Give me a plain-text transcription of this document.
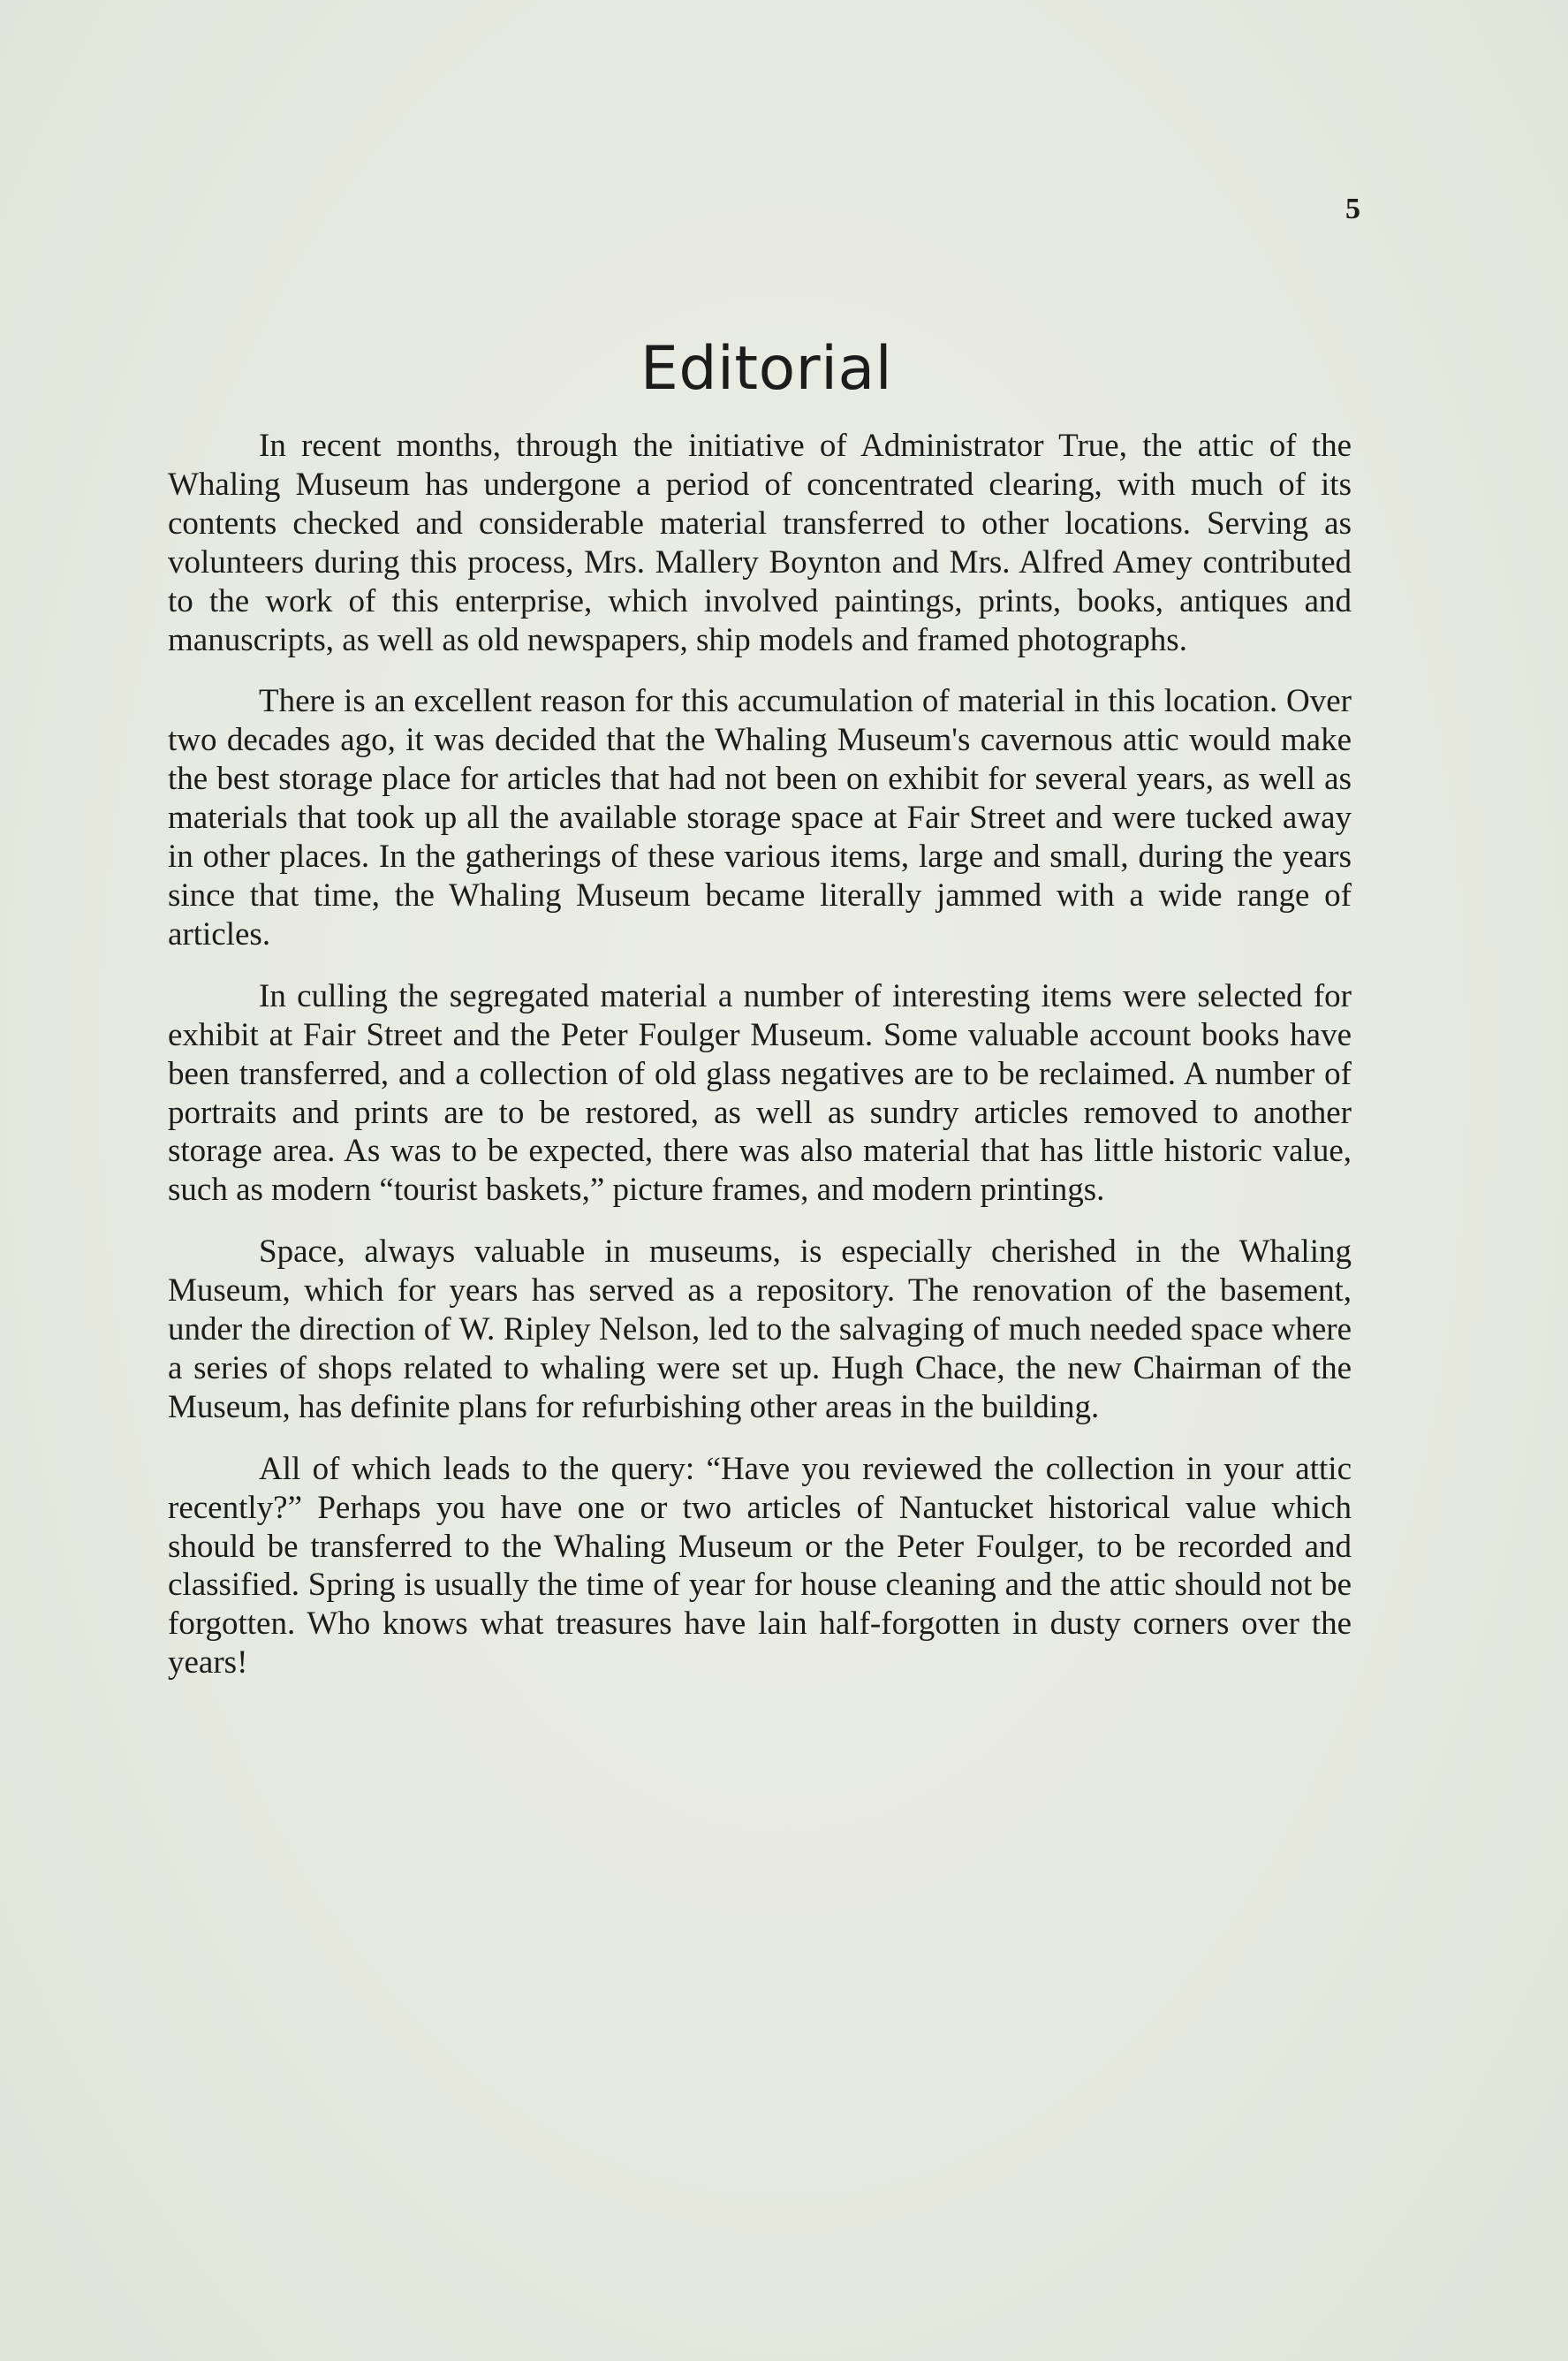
5
Editorial

In recent months, through the initiative of Administrator True, the attic of the Whaling Museum has undergone a period of concentrated clearing, with much of its contents checked and considerable material transferred to other locations. Serving as volunteers during this process, Mrs. Mallery Boynton and Mrs. Alfred Amey contributed to the work of this enterprise, which involved paintings, prints, books, antiques and manuscripts, as well as old newspapers, ship models and framed photographs.

There is an excellent reason for this accumulation of material in this location. Over two decades ago, it was decided that the Whaling Museum's cavernous attic would make the best storage place for articles that had not been on exhibit for several years, as well as materials that took up all the available storage space at Fair Street and were tucked away in other places. In the gatherings of these various items, large and small, during the years since that time, the Whaling Museum became literally jammed with a wide range of articles.

In culling the segregated material a number of interesting items were selected for exhibit at Fair Street and the Peter Foulger Museum. Some valuable account books have been transferred, and a collection of old glass negatives are to be reclaimed. A number of portraits and prints are to be restored, as well as sundry articles removed to another storage area. As was to be expected, there was also material that has little historic value, such as modern “tourist baskets,” picture frames, and modern printings.

Space, always valuable in museums, is especially cherished in the Whaling Museum, which for years has served as a repository. The renovation of the basement, under the direction of W. Ripley Nelson, led to the salvaging of much needed space where a series of shops related to whaling were set up. Hugh Chace, the new Chairman of the Museum, has definite plans for refurbishing other areas in the building.

All of which leads to the query: “Have you reviewed the collection in your attic recently?” Perhaps you have one or two articles of Nantucket historical value which should be transferred to the Whaling Museum or the Peter Foulger, to be recorded and classified. Spring is usually the time of year for house cleaning and the attic should not be forgotten. Who knows what treasures have lain half-forgotten in dusty corners over the years!
